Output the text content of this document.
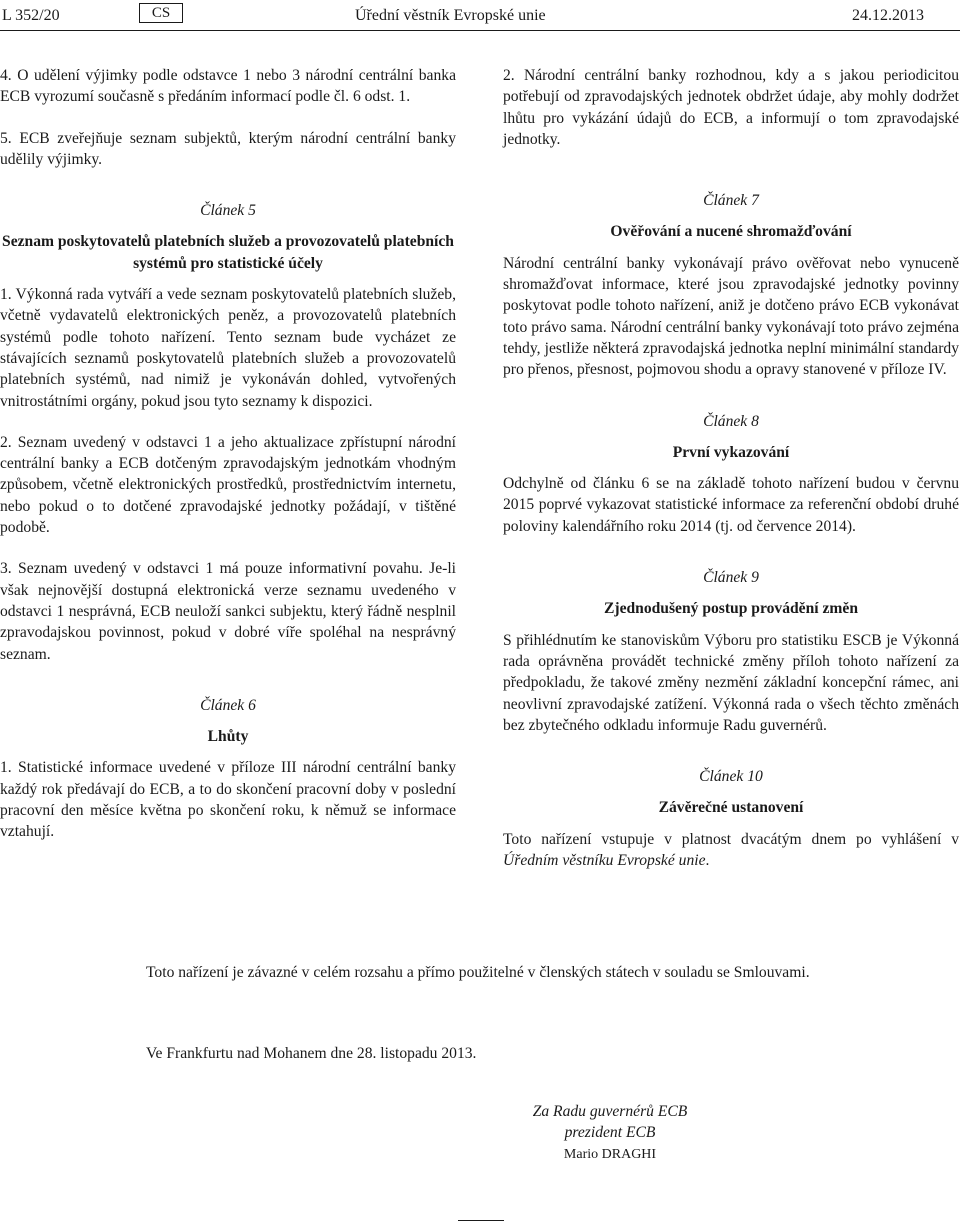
L 352/20	CS	Úřední věstník Evropské unie	24.12.2013

4. O udělení výjimky podle odstavce 1 nebo 3 národní centrální banka ECB vyrozumí současně s předáním informací podle čl. 6 odst. 1.

5. ECB zveřejňuje seznam subjektů, kterým národní centrální banky udělily výjimky.

Článek 5

Seznam poskytovatelů platebních služeb a provozovatelů platebních systémů pro statistické účely

1. Výkonná rada vytváří a vede seznam poskytovatelů platebních služeb, včetně vydavatelů elektronických peněz, a provozovatelů platebních systémů podle tohoto nařízení. Tento seznam bude vycházet ze stávajících seznamů poskytovatelů platebních služeb a provozovatelů platebních systémů, nad nimiž je vykonáván dohled, vytvořených vnitrostátními orgány, pokud jsou tyto seznamy k dispozici.

2. Seznam uvedený v odstavci 1 a jeho aktualizace zpřístupní národní centrální banky a ECB dotčeným zpravodajským jednotkám vhodným způsobem, včetně elektronických prostředků, prostřednictvím internetu, nebo pokud o to dotčené zpravodajské jednotky požádají, v tištěné podobě.

3. Seznam uvedený v odstavci 1 má pouze informativní povahu. Je-li však nejnovější dostupná elektronická verze seznamu uvedeného v odstavci 1 nesprávná, ECB neuloží sankci subjektu, který řádně nesplnil zpravodajskou povinnost, pokud v dobré víře spoléhal na nesprávný seznam.

Článek 6

Lhůty

1. Statistické informace uvedené v příloze III národní centrální banky každý rok předávají do ECB, a to do skončení pracovní doby v poslední pracovní den měsíce května po skončení roku, k němuž se informace vztahují.

2. Národní centrální banky rozhodnou, kdy a s jakou periodicitou potřebují od zpravodajských jednotek obdržet údaje, aby mohly dodržet lhůtu pro vykázání údajů do ECB, a informují o tom zpravodajské jednotky.

Článek 7

Ověřování a nucené shromažďování

Národní centrální banky vykonávají právo ověřovat nebo vynuceně shromažďovat informace, které jsou zpravodajské jednotky povinny poskytovat podle tohoto nařízení, aniž je dotčeno právo ECB vykonávat toto právo sama. Národní centrální banky vykonávají toto právo zejména tehdy, jestliže některá zpravodajská jednotka neplní minimální standardy pro přenos, přesnost, pojmovou shodu a opravy stanovené v příloze IV.

Článek 8

První vykazování

Odchylně od článku 6 se na základě tohoto nařízení budou v červnu 2015 poprvé vykazovat statistické informace za referenční období druhé poloviny kalendářního roku 2014 (tj. od července 2014).

Článek 9

Zjednodušený postup provádění změn

S přihlédnutím ke stanoviskům Výboru pro statistiku ESCB je Výkonná rada oprávněna provádět technické změny příloh tohoto nařízení za předpokladu, že takové změny nezmění základní koncepční rámec, ani neovlivní zpravodajské zatížení. Výkonná rada o všech těchto změnách bez zbytečného odkladu informuje Radu guvernérů.

Článek 10

Závěrečné ustanovení

Toto nařízení vstupuje v platnost dvacátým dnem po vyhlášení v Úředním věstníku Evropské unie.

Toto nařízení je závazné v celém rozsahu a přímo použitelné v členských státech v souladu se Smlouvami.

Ve Frankfurtu nad Mohanem dne 28. listopadu 2013.

Za Radu guvernérů ECB

prezident ECB

Mario DRAGHI
